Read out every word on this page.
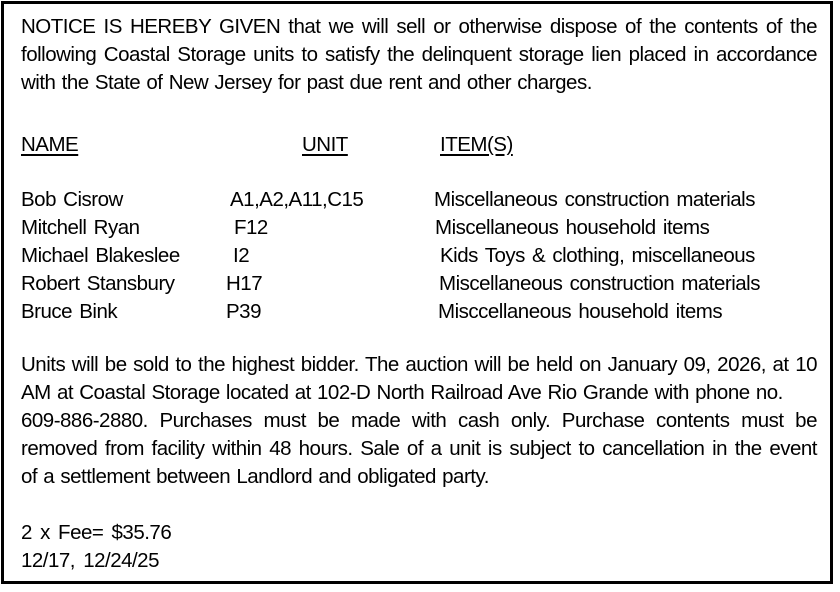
NOTICE IS HEREBY GIVEN that we will sell or otherwise dispose of the contents of the
following Coastal Storage units to satisfy the delinquent storage lien placed in accordance
with the State of New Jersey for past due rent and other charges.
NAME	UNIT	ITEM(S)
Bob Cisrow	A1,A2,A11,C15	Miscellaneous construction materials
Mitchell Ryan	F12	Miscellaneous household items
Michael Blakeslee	I2	Kids Toys & clothing, miscellaneous
Robert Stansbury	H17	Miscellaneous construction materials
Bruce Bink	P39	Misccellaneous household items
Units will be sold to the highest bidder. The auction will be held on January 09, 2026, at 10
AM at Coastal Storage located at 102-D North Railroad Ave Rio Grande with phone no.
609-886-2880. Purchases must be made with cash only. Purchase contents must be
removed from facility within 48 hours. Sale of a unit is subject to cancellation in the event
of a settlement between Landlord and obligated party.
2 x Fee= $35.76
12/17, 12/24/25
